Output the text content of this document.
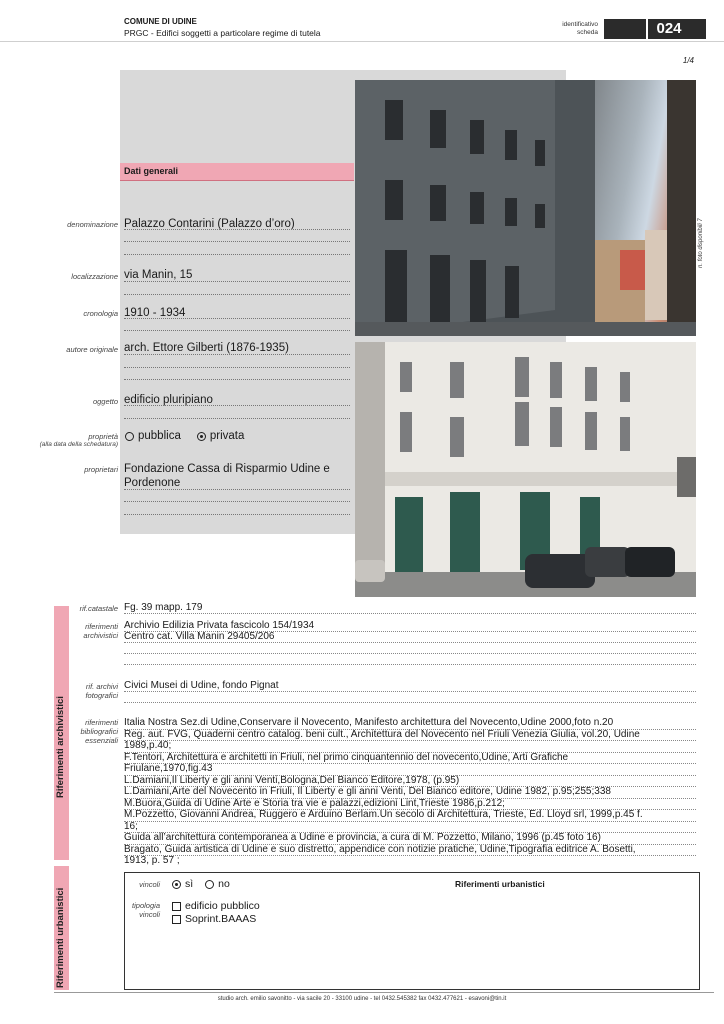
COMUNE DI UDINE
PRGC - Edifici soggetti a particolare regime di tutela
identificativo
scheda	024
1/4
Dati generali
denominazione Palazzo Contarini (Palazzo d’oro)
localizzazione via Manin, 15
cronologia 1910 - 1934
autore originale arch. Ettore Gilberti (1876-1935)
oggetto edificio pluripiano
proprietà
(alla data della schedatura)
pubblica	privata
proprietari Fondazione Cassa di Risparmio Udine e
Pordenone
n. foto disponibili 7
Riferimenti archivistici
rif.catastale Fg. 39 mapp. 179
riferimenti
archivistici
Archivio Edilizia Privata fascicolo 154/1934
Centro cat. Villa Manin 29405/206
rif. archivi
fotografici
Civici Musei di Udine, fondo Pignat
riferimenti
bibliografici
essenziali
Italia Nostra Sez.di Udine,Conservare il Novecento, Manifesto architettura del Novecento,Udine 2000,foto n.20
Reg. aut. FVG, Quaderni centro catalog. beni cult., Architettura del Novecento nel Friuli Venezia Giulia, vol.20, Udine
1989,p.40;
F.Tentori, Architettura e architetti in Friuli, nel primo cinquantennio del novecento,Udine, Arti Grafiche
Friulane,1970,fig.43
L.Damiani,Il Liberty e gli anni Venti,Bologna,Del Bianco Editore,1978, (p.95)
L.Damiani,Arte del Novecento in Friuli, Il Liberty e gli anni Venti, Del Bianco editore, Udine 1982, p.95;255;338
M.Buora,Guida di Udine Arte e Storia tra vie e palazzi,edizioni Lint,Trieste 1986,p.212;
M.Pozzetto, Giovanni Andrea, Ruggero e Arduino Berlam.Un secolo di Architettura, Trieste, Ed. Lloyd srl, 1999,p.45 f.
16;
Guida all’architettura contemporanea a Udine e provincia, a cura di M. Pozzetto, Milano, 1996 (p.45 foto 16)
Bragato, Guida artistica di Udine e suo distretto, appendice con notizie pratiche, Udine,Tipografia editrice A. Bosetti,
1913, p. 57 ;
Riferimenti urbanistici
Riferimenti urbanistici
vincoli sì no
tipologia
vincoli
edificio pubblico
Soprint.BAAAS
studio arch. emilio savonitto - via sacile 20 - 33100 udine - tel 0432.545382 fax 0432.477621 - esavoni@tin.it
